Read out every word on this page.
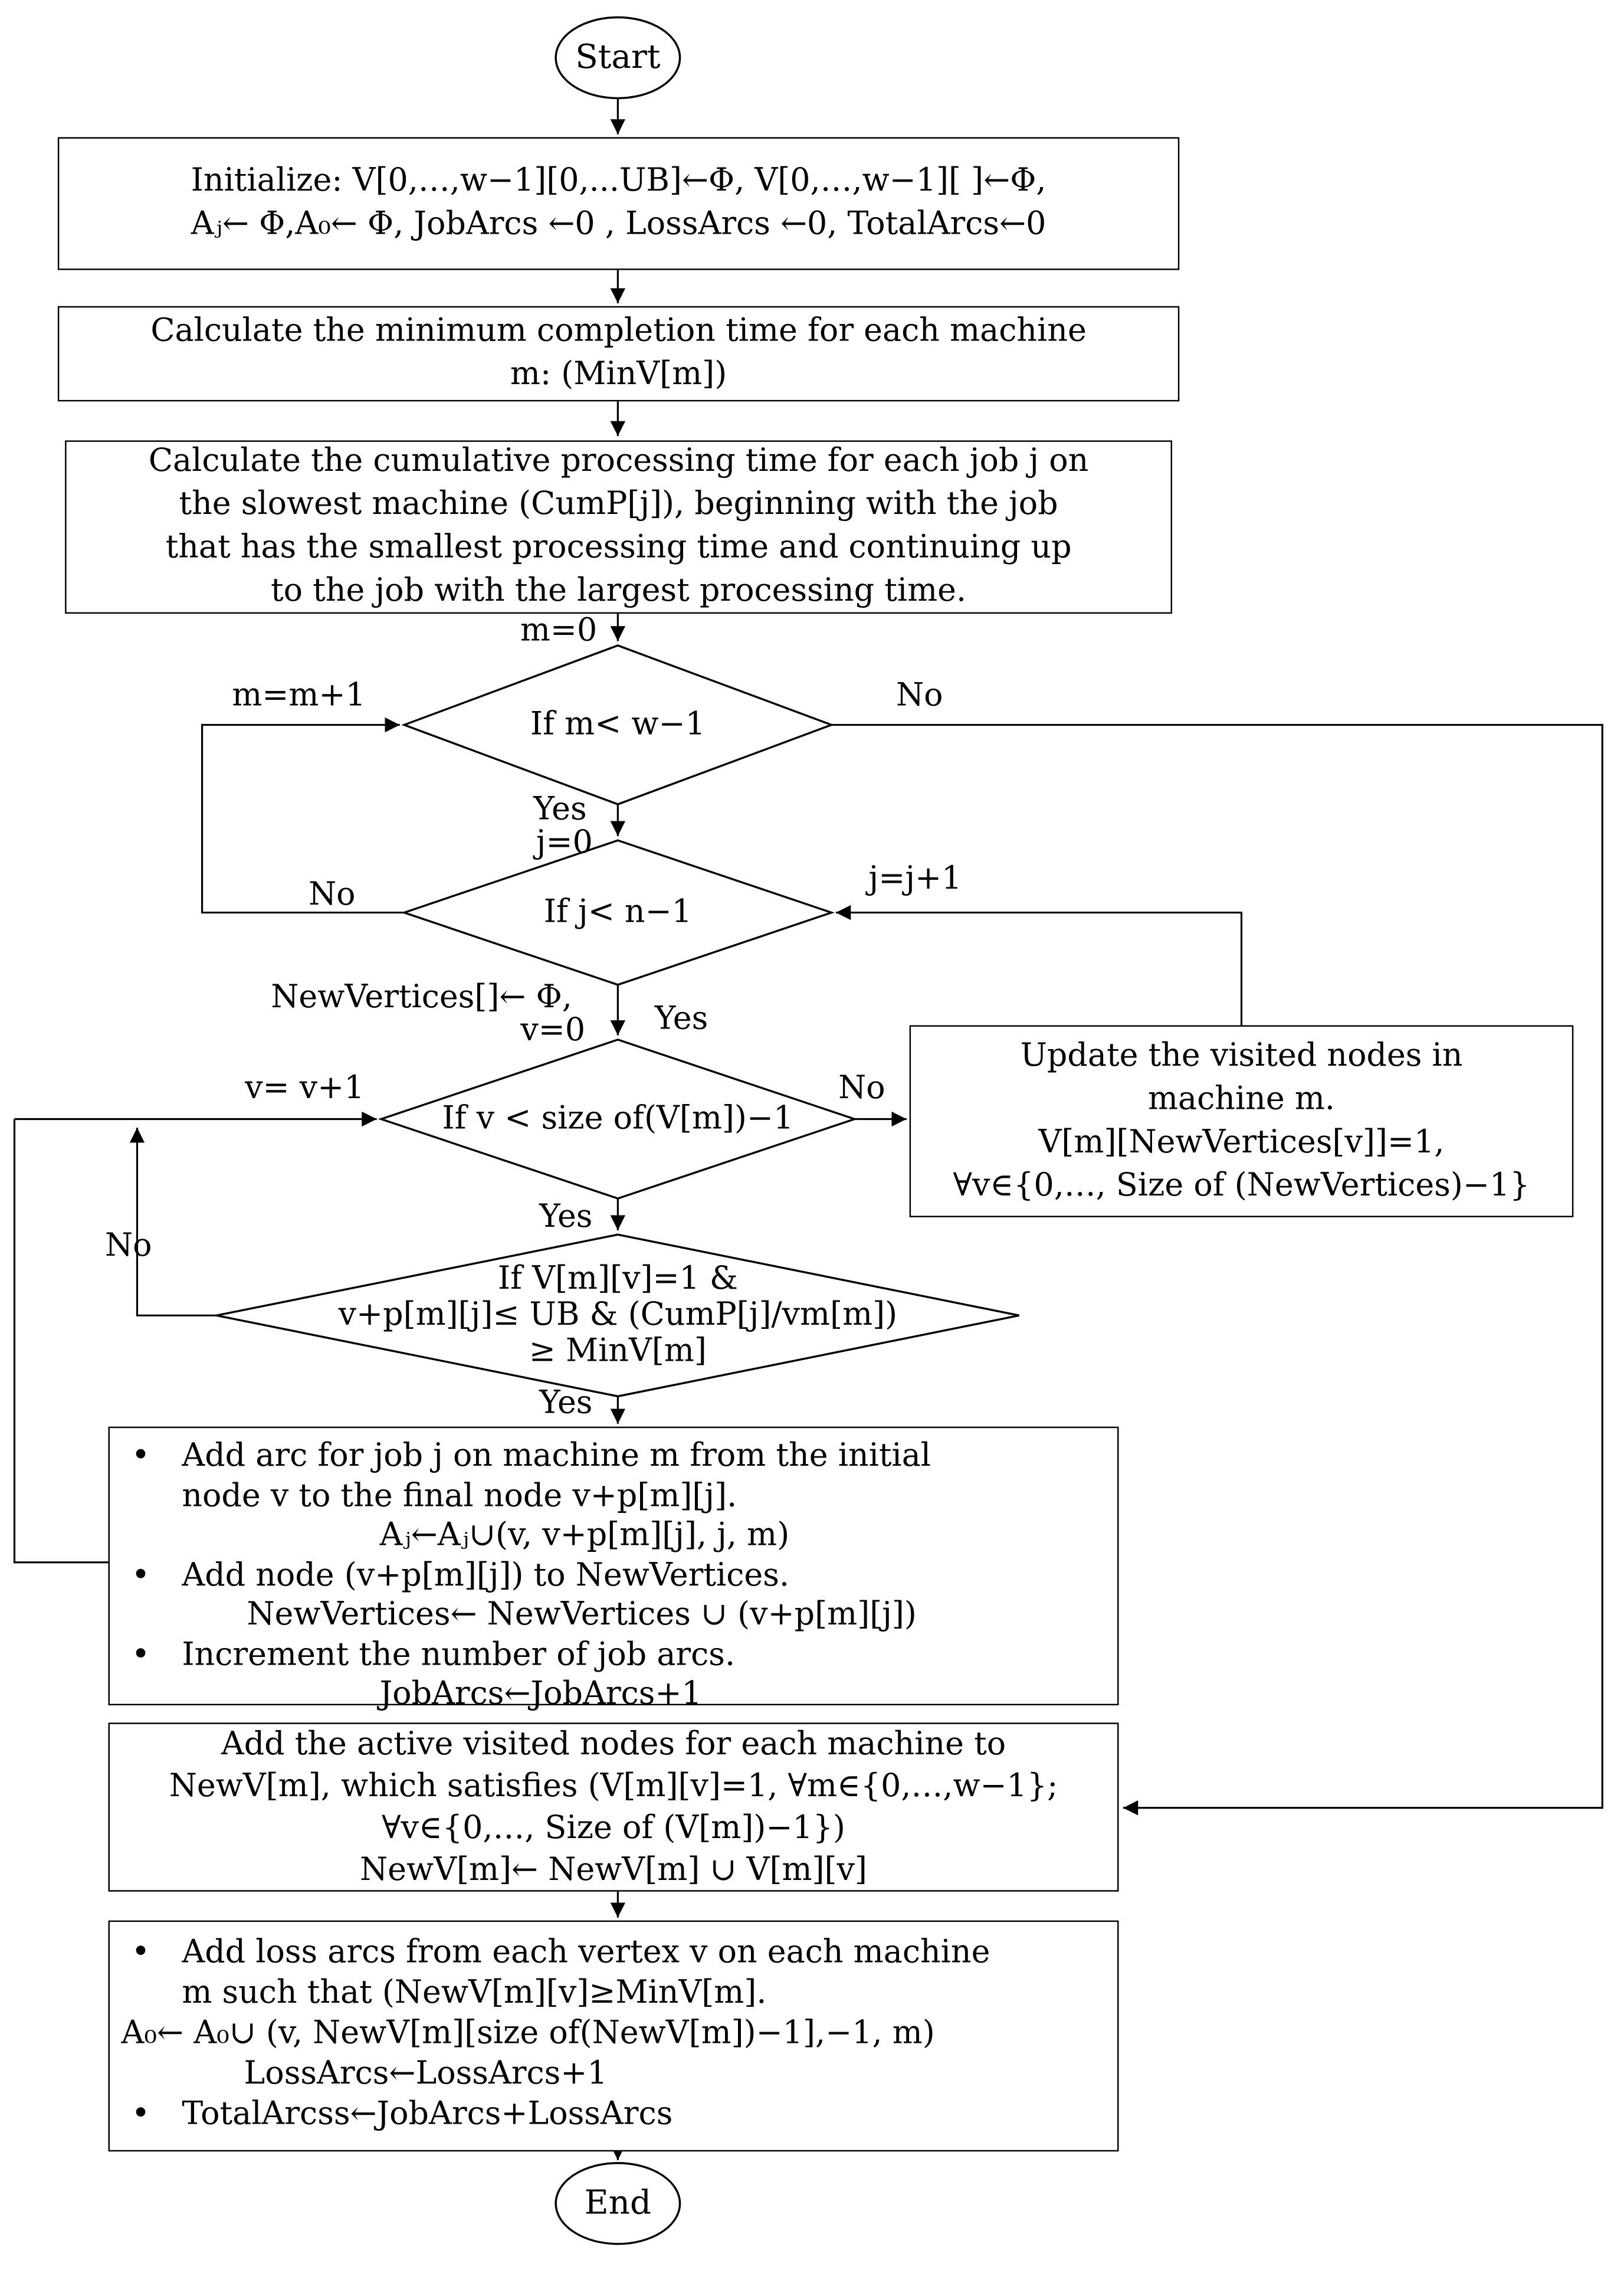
Start
End
Initialize: V[0,…,w−1][0,...UB]←Φ, V[0,…,w−1][ ]←Φ,
Aⱼ← Φ,A₀← Φ, JobArcs ←0 , LossArcs ←0, TotalArcs←0
Calculate the minimum completion time for each machine
m: (MinV[m])
Calculate the cumulative processing time for each job j on
the slowest machine (CumP[j]), beginning with the job
that has the smallest processing time and continuing up
to the job with the largest processing time.
Update the visited nodes in
machine m.
V[m][NewVertices[v]]=1,
∀v∈{0,…, Size of (NewVertices)−1}
• Add arc for job j on machine m from the initial
node v to the final node v+p[m][j].
Aⱼ←Aⱼ∪(v, v+p[m][j], j, m)
• Add node (v+p[m][j]) to NewVertices.
NewVertices← NewVertices ∪ (v+p[m][j])
• Increment the number of job arcs.
JobArcs←JobArcs+1
Add the active visited nodes for each machine to
NewV[m], which satisfies (V[m][v]=1, ∀m∈{0,…,w−1};
∀v∈{0,…, Size of (V[m])−1})
NewV[m]← NewV[m] ∪ V[m][v]
• Add loss arcs from each vertex v on each machine
m such that (NewV[m][v]≥MinV[m].
A₀← A₀∪ (v, NewV[m][size of(NewV[m])−1],−1, m)
LossArcs←LossArcs+1
• TotalArcss←JobArcs+LossArcs
If m< w−1
If j< n−1
If v < size of(V[m])−1
If V[m][v]=1 &
v+p[m][j]≤ UB & (CumP[j]/vm[m])
≥ MinV[m]
m=0
m=m+1	No
Yes
j=0
No	j=j+1
NewVertices[]← Φ,
v=0	Yes
v= v+1	No
Yes
No
Yes
